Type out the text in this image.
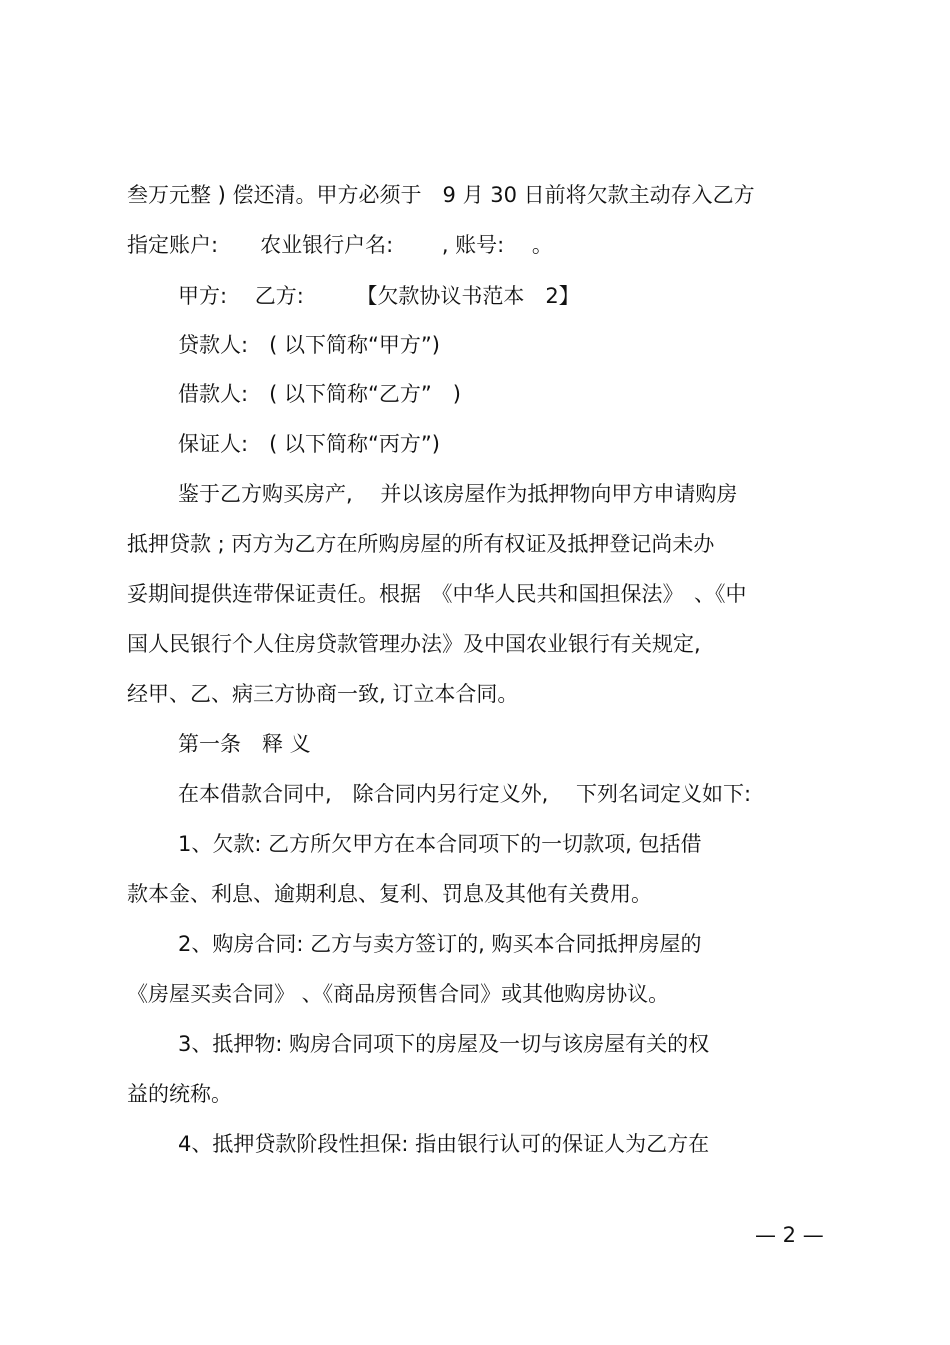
叁万元整 ) 偿还清。甲方必须于　9 月 30 日前将欠款主动存入乙方
指定账户:　　农业银行户名:　　 , 账号:　 。
甲方:　 乙方:　　　【欠款协议书范本　2】
贷款人:　( 以下简称“甲方”)
借款人:　( 以下简称“乙方”　)
保证人:　( 以下简称“丙方”)
鉴于乙方购买房产,　 并以该房屋作为抵押物向甲方申请购房
抵押贷款 ; 丙方为乙方在所购房屋的所有权证及抵押登记尚未办
妥期间提供连带保证责任。根据　《中华人民共和国担保法》　、《中
国人民银行个人住房贷款管理办法》及中国农业银行有关规定,
经甲、乙、病三方协商一致, 订立本合同。
第一条　释 义
在本借款合同中,　除合同内另行定义外,　 下列名词定义如下:
1、欠款: 乙方所欠甲方在本合同项下的一切款项, 包括借
款本金、利息、逾期利息、复利、罚息及其他有关费用。
2、购房合同: 乙方与卖方签订的, 购买本合同抵押房屋的
《房屋买卖合同》 、《商品房预售合同》或其他购房协议。
3、抵押物: 购房合同项下的房屋及一切与该房屋有关的权
益的统称。
4、抵押贷款阶段性担保: 指由银行认可的保证人为乙方在
— 2 —
